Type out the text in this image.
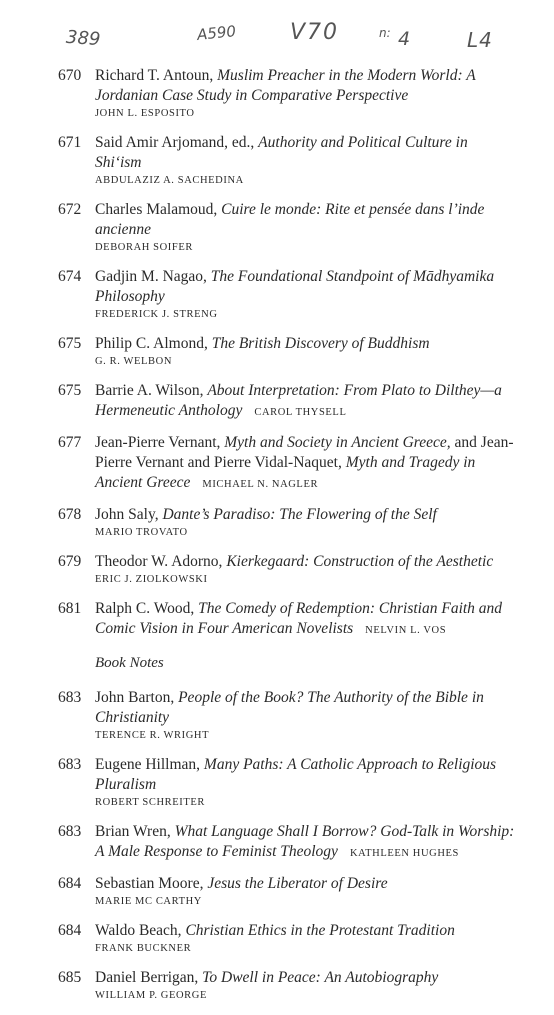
389	A590 V70	n: 4	L4
670 Richard T. Antoun, Muslim Preacher in the Modern World: A Jordanian Case Study in Comparative Perspective
JOHN L. ESPOSITO
671 Said Amir Arjomand, ed., Authority and Political Culture in Shi‘ism
ABDULAZIZ A. SACHEDINA
672 Charles Malamoud, Cuire le monde: Rite et pensée dans l’inde ancienne
DEBORAH SOIFER
674 Gadjin M. Nagao, The Foundational Standpoint of Mādhyamika Philosophy
FREDERICK J. STRENG
675 Philip C. Almond, The British Discovery of Buddhism
G. R. WELBON
675 Barrie A. Wilson, About Interpretation: From Plato to Dilthey—a Hermeneutic Anthology CAROL THYSELL
677 Jean-Pierre Vernant, Myth and Society in Ancient Greece, and Jean-Pierre Vernant and Pierre Vidal-Naquet, Myth and Tragedy in Ancient Greece MICHAEL N. NAGLER
678 John Saly, Dante’s Paradiso: The Flowering of the Self
MARIO TROVATO
679 Theodor W. Adorno, Kierkegaard: Construction of the Aesthetic
ERIC J. ZIOLKOWSKI
681 Ralph C. Wood, The Comedy of Redemption: Christian Faith and Comic Vision in Four American Novelists NELVIN L. VOS
Book Notes
683 John Barton, People of the Book? The Authority of the Bible in Christianity
TERENCE R. WRIGHT
683 Eugene Hillman, Many Paths: A Catholic Approach to Religious Pluralism
ROBERT SCHREITER
683 Brian Wren, What Language Shall I Borrow? God-Talk in Worship: A Male Response to Feminist Theology KATHLEEN HUGHES
684 Sebastian Moore, Jesus the Liberator of Desire
MARIE MC CARTHY
684 Waldo Beach, Christian Ethics in the Protestant Tradition
FRANK BUCKNER
685 Daniel Berrigan, To Dwell in Peace: An Autobiography
WILLIAM P. GEORGE
